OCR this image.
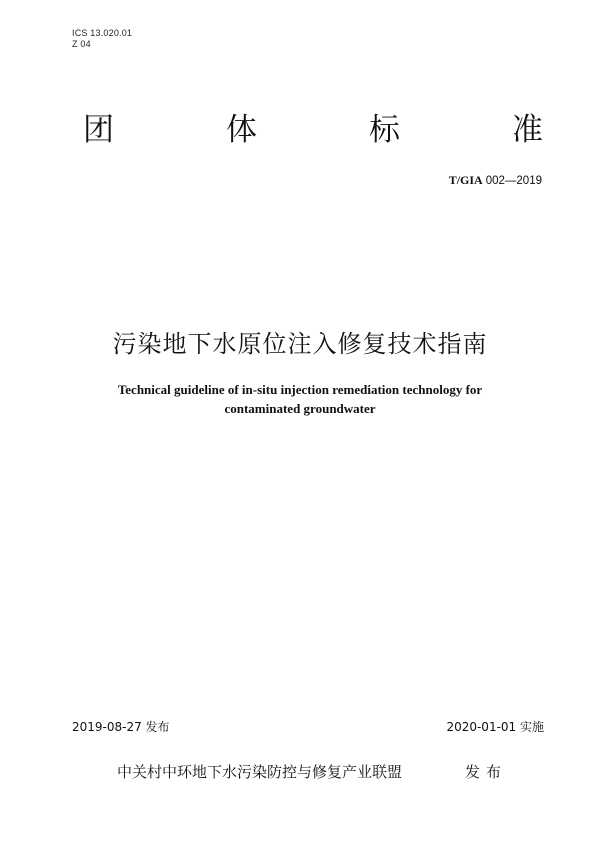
ICS 13.020.01
Z 04
团	体	标	准
T/GIA 002—2019
污染地下水原位注入修复技术指南
Technical guideline of in-situ injection remediation technology for
contaminated groundwater
2019-08-27 发布	2020-01-01 实施
中关村中环地下水污染防控与修复产业联盟	发布
